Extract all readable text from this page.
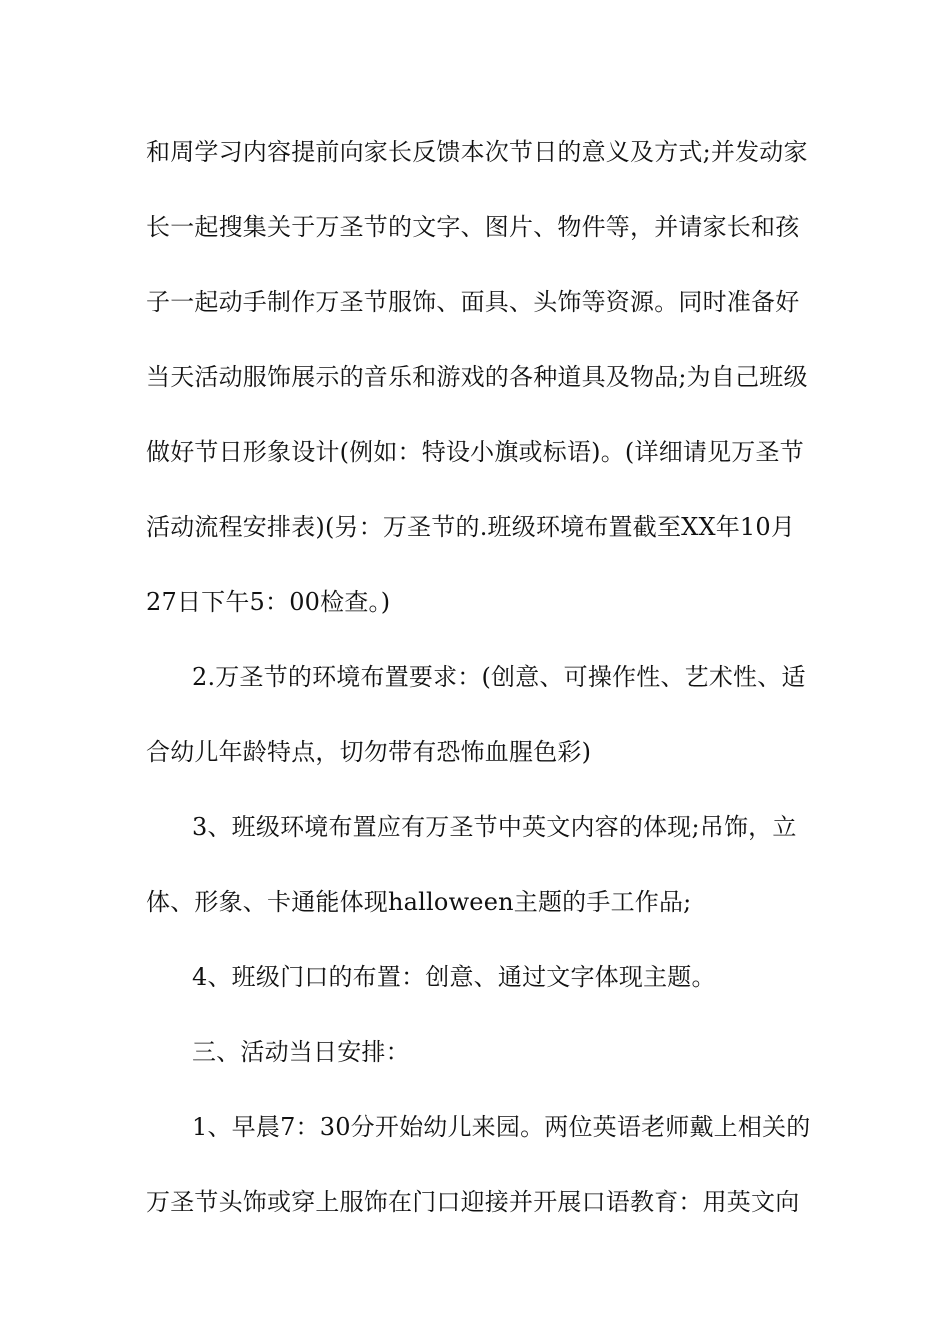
和周学习内容提前向家长反馈本次节日的意义及方式;并发动家
长一起搜集关于万圣节的文字、图片、物件等，并请家长和孩
子一起动手制作万圣节服饰、面具、头饰等资源。同时准备好
当天活动服饰展示的音乐和游戏的各种道具及物品;为自己班级
做好节日形象设计(例如：特设小旗或标语)。(详细请见万圣节
活动流程安排表)(另：万圣节的.班级环境布置截至XX年10月
27日下午5：00检查。)
2.万圣节的环境布置要求：(创意、可操作性、艺术性、适
合幼儿年龄特点，切勿带有恐怖血腥色彩)
3、班级环境布置应有万圣节中英文内容的体现;吊饰，立
体、形象、卡通能体现halloween主题的手工作品;
4、班级门口的布置：创意、通过文字体现主题。
三、活动当日安排：
1、早晨7：30分开始幼儿来园。两位英语老师戴上相关的
万圣节头饰或穿上服饰在门口迎接并开展口语教育：用英文向
